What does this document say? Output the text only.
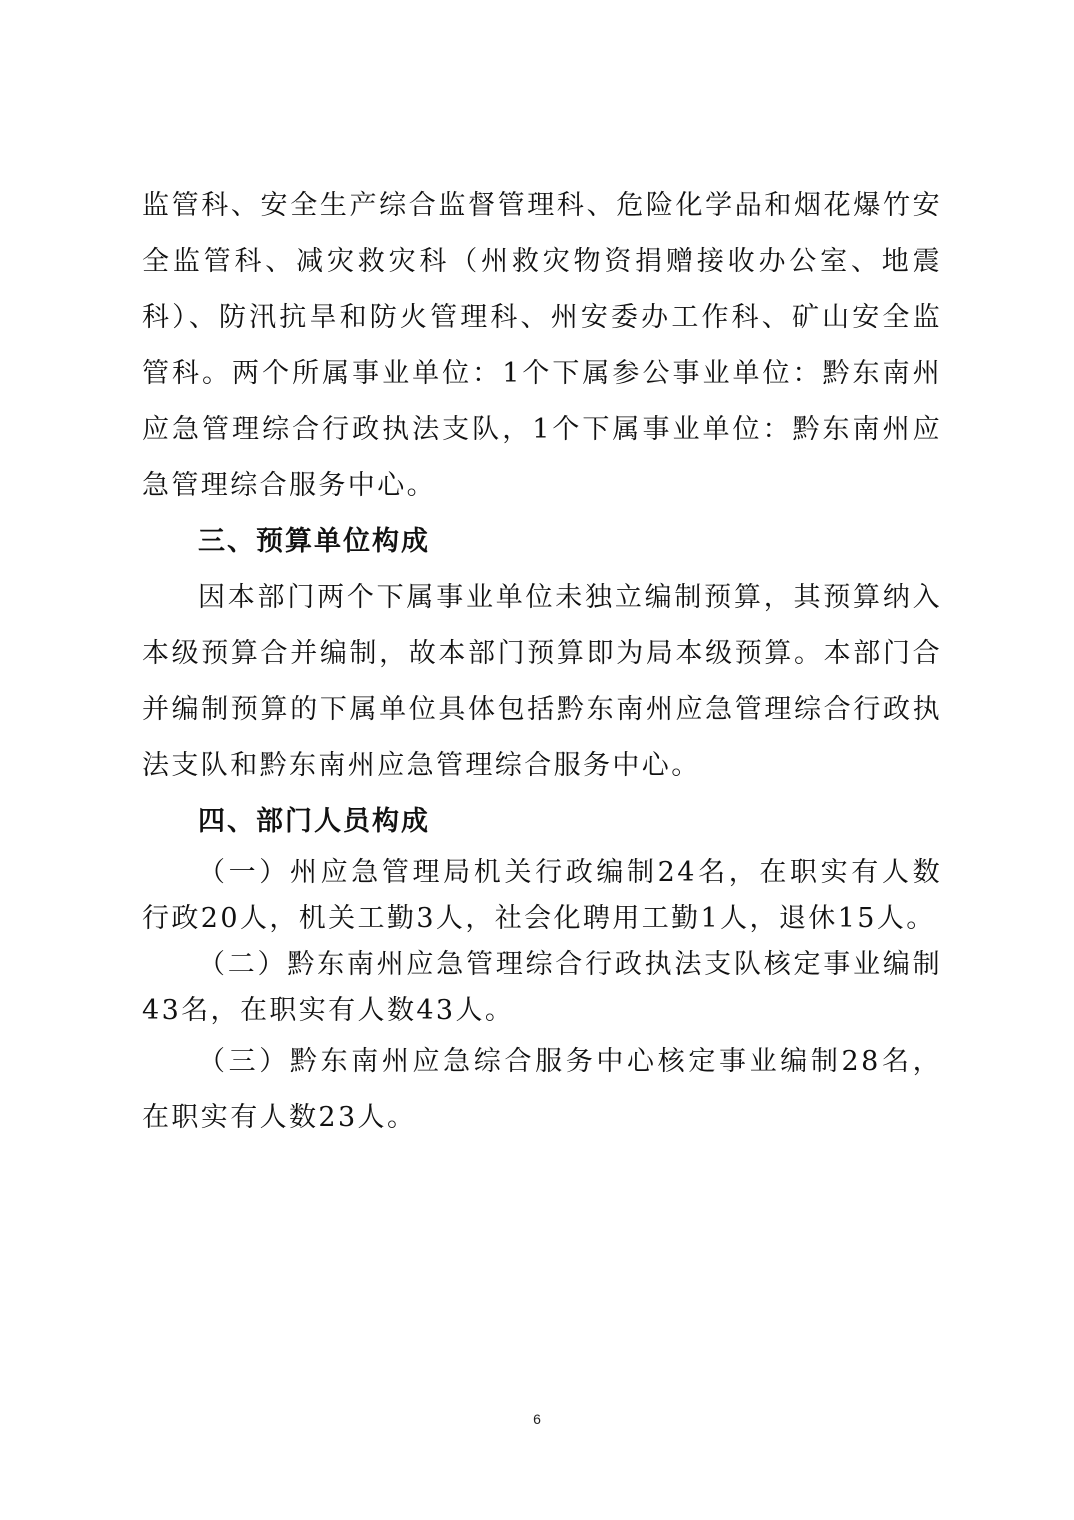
监管科、安全生产综合监督管理科、危险化学品和烟花爆竹安全监管科、减灾救灾科（州救灾物资捐赠接收办公室、地震科）、防汛抗旱和防火管理科、州安委办工作科、矿山安全监管科。两个所属事业单位：1个下属参公事业单位：黔东南州应急管理综合行政执法支队，1个下属事业单位：黔东南州应急管理综合服务中心。

三、预算单位构成

因本部门两个下属事业单位未独立编制预算，其预算纳入本级预算合并编制，故本部门预算即为局本级预算。本部门合并编制预算的下属单位具体包括黔东南州应急管理综合行政执法支队和黔东南州应急管理综合服务中心。

四、部门人员构成

（一）州应急管理局机关行政编制24名，在职实有人数行政20人，机关工勤3人，社会化聘用工勤1人，退休15人。

（二）黔东南州应急管理综合行政执法支队核定事业编制43名，在职实有人数43人。

（三）黔东南州应急综合服务中心核定事业编制28名，在职实有人数23人。

6
